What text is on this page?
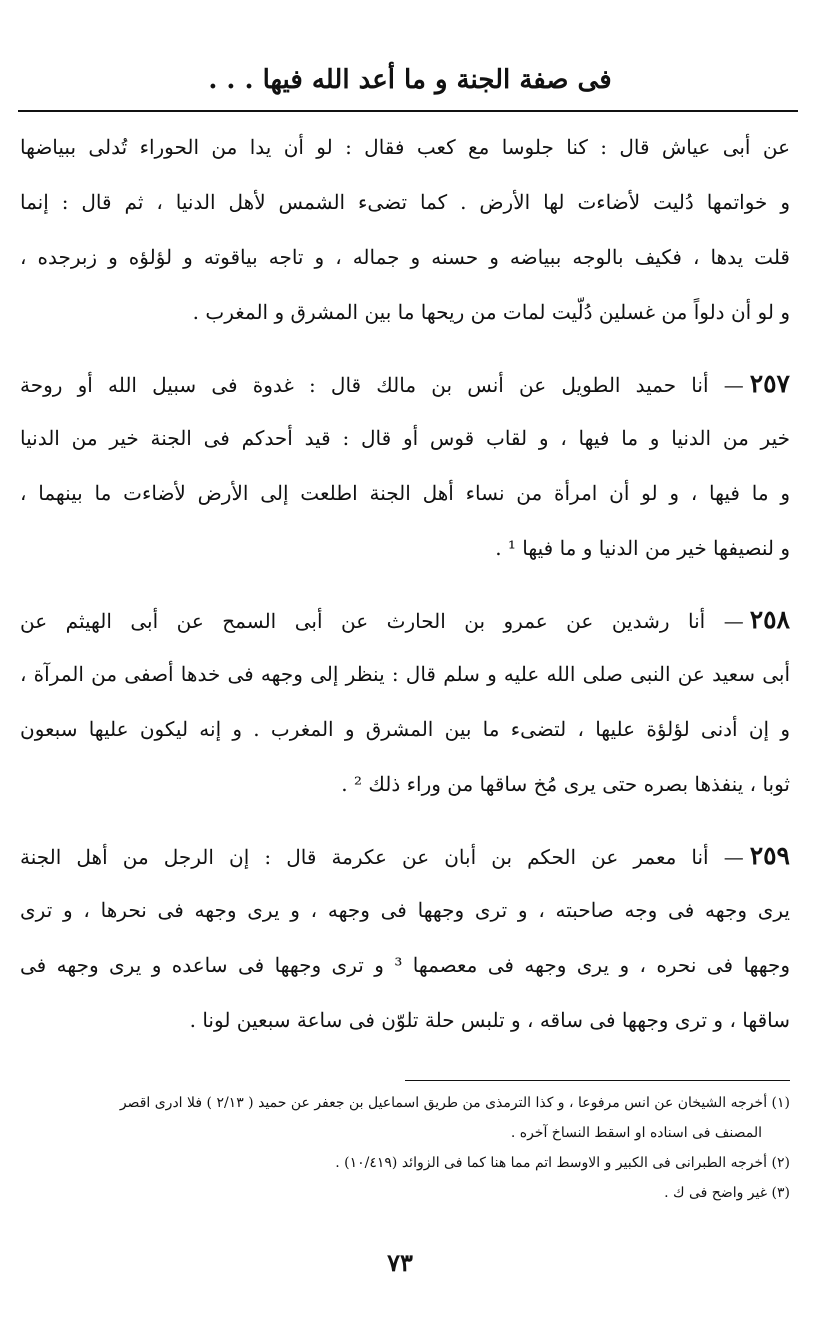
فى صفة الجنة و ما أعد الله فيها . . .
عن أبى عياش قال : كنا جلوسا مع كعب فقال : لو أن يدا من الحوراء تُدلى ببياضها
و خواتمها دُليت لأضاءت لها الأرض . كما تضىء الشمس لأهل الدنيا ، ثم قال : إنما
قلت يدها ، فكيف بالوجه ببياضه و حسنه و جماله ، و تاجه بياقوته و لؤلؤه و زبرجده ،
و لو أن دلواً من غسلين دُلّيت لمات من ريحها ما بين المشرق و المغرب .
٢٥٧— أنا حميد الطويل عن أنس بن مالك قال : غدوة فى سبيل الله أو روحة
خير من الدنيا و ما فيها ، و لقاب قوس أو قال : قيد أحدكم فى الجنة خير من الدنيا
و ما فيها ، و لو أن امرأة من نساء أهل الجنة اطلعت إلى الأرض لأضاءت ما بينهما ،
و لنصيفها خير من الدنيا و ما فيها ¹ .
٢٥٨— أنا رشدين عن عمرو بن الحارث عن أبى السمح عن أبى الهيثم عن
أبى سعيد عن النبى صلى الله عليه و سلم قال : ينظر إلى وجهه فى خدها أصفى من المرآة ،
و إن أدنى لؤلؤة عليها ، لتضىء ما بين المشرق و المغرب . و إنه ليكون عليها سبعون
ثوبا ، ينفذها بصره حتى يرى مُخ ساقها من وراء ذلك ² .
٢٥٩— أنا معمر عن الحكم بن أبان عن عكرمة قال : إن الرجل من أهل الجنة
يرى وجهه فى وجه صاحبته ، و ترى وجهها فى وجهه ، و يرى وجهه فى نحرها ، و ترى
وجهها فى نحره ، و يرى وجهه فى معصمها ³ و ترى وجهها فى ساعده و يرى وجهه فى
ساقها ، و ترى وجهها فى ساقه ، و تلبس حلة تلوّن فى ساعة سبعين لونا .
(١) أخرجه الشيخان عن انس مرفوعا ، و كذا الترمذى من طريق اسماعيل بن جعفر عن حميد ( ٢/١٣ ) فلا ادرى اقصر
المصنف فى اسناده او اسقط النساخ آخره .
(٢) أخرجه الطبرانى فى الكبير و الاوسط اتم مما هنا كما فى الزوائد (١٠/٤١٩) .
(٣) غير واضح فى ك .
٧٣
